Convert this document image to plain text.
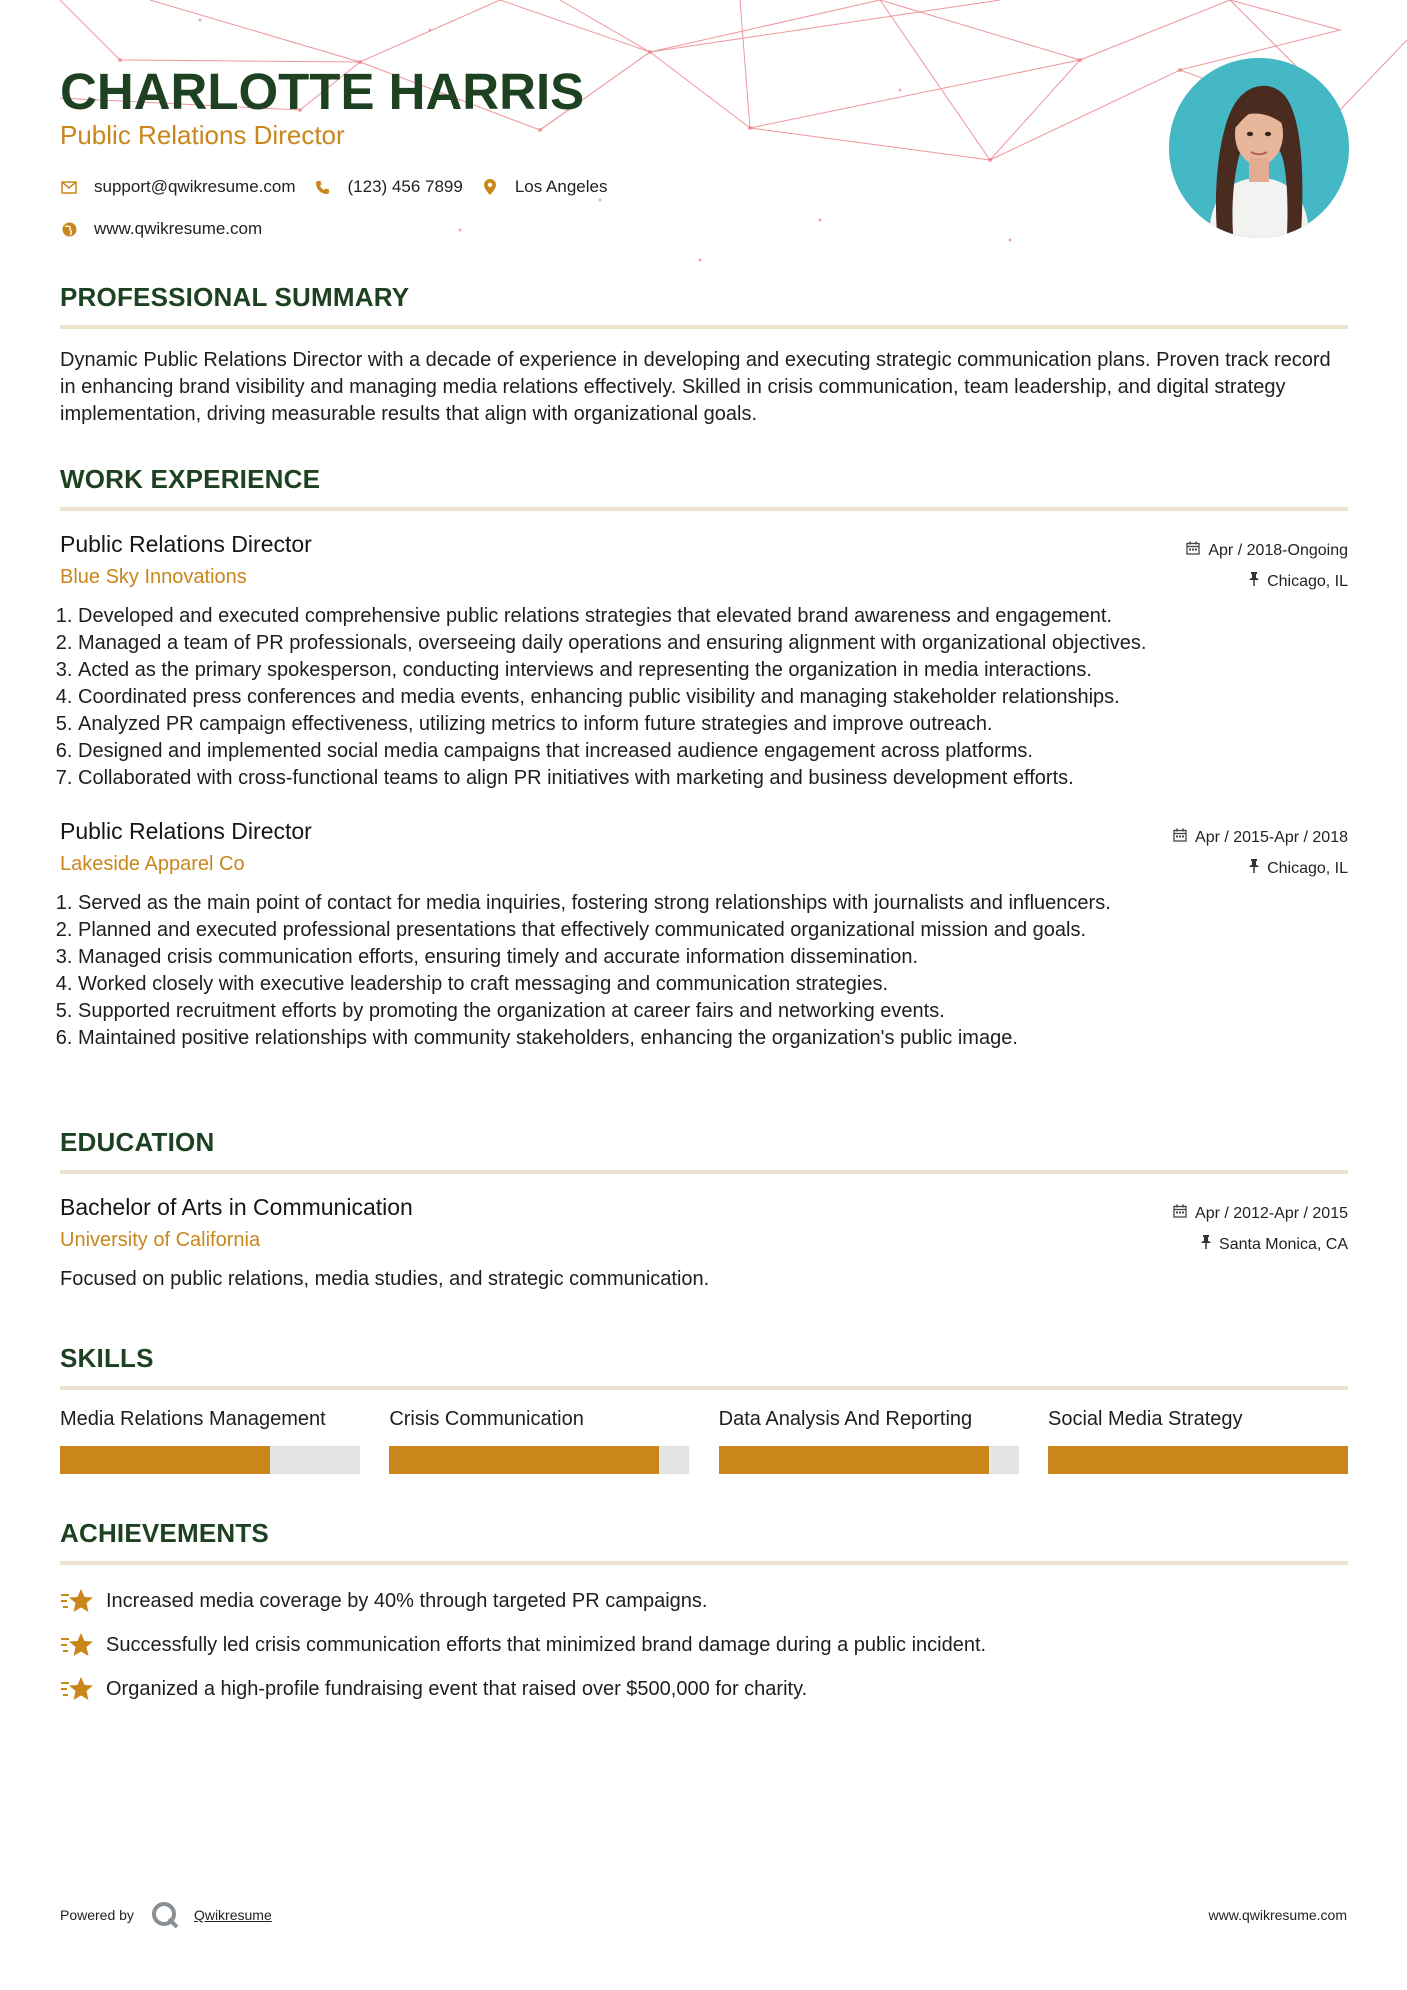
CHARLOTTE HARRIS
Public Relations Director
support@qwikresume.com	(123) 456 7899	Los Angeles
www.qwikresume.com
PROFESSIONAL SUMMARY
Dynamic Public Relations Director with a decade of experience in developing and executing strategic communication plans. Proven track record in enhancing brand visibility and managing media relations effectively. Skilled in crisis communication, team leadership, and digital strategy implementation, driving measurable results that align with organizational goals.
WORK EXPERIENCE
Public Relations Director
Blue Sky Innovations
Apr / 2018-Ongoing
Chicago, IL
1. Developed and executed comprehensive public relations strategies that elevated brand awareness and engagement.
2. Managed a team of PR professionals, overseeing daily operations and ensuring alignment with organizational objectives.
3. Acted as the primary spokesperson, conducting interviews and representing the organization in media interactions.
4. Coordinated press conferences and media events, enhancing public visibility and managing stakeholder relationships.
5. Analyzed PR campaign effectiveness, utilizing metrics to inform future strategies and improve outreach.
6. Designed and implemented social media campaigns that increased audience engagement across platforms.
7. Collaborated with cross-functional teams to align PR initiatives with marketing and business development efforts.
Public Relations Director
Lakeside Apparel Co
Apr / 2015-Apr / 2018
Chicago, IL
1. Served as the main point of contact for media inquiries, fostering strong relationships with journalists and influencers.
2. Planned and executed professional presentations that effectively communicated organizational mission and goals.
3. Managed crisis communication efforts, ensuring timely and accurate information dissemination.
4. Worked closely with executive leadership to craft messaging and communication strategies.
5. Supported recruitment efforts by promoting the organization at career fairs and networking events.
6. Maintained positive relationships with community stakeholders, enhancing the organization's public image.
EDUCATION
Bachelor of Arts in Communication
University of California
Apr / 2012-Apr / 2015
Santa Monica, CA
Focused on public relations, media studies, and strategic communication.
SKILLS
Media Relations Management	Crisis Communication	Data Analysis And Reporting	Social Media Strategy
ACHIEVEMENTS
Increased media coverage by 40% through targeted PR campaigns.
Successfully led crisis communication efforts that minimized brand damage during a public incident.
Organized a high-profile fundraising event that raised over $500,000 for charity.
Powered by	Qwikresume	www.qwikresume.com
